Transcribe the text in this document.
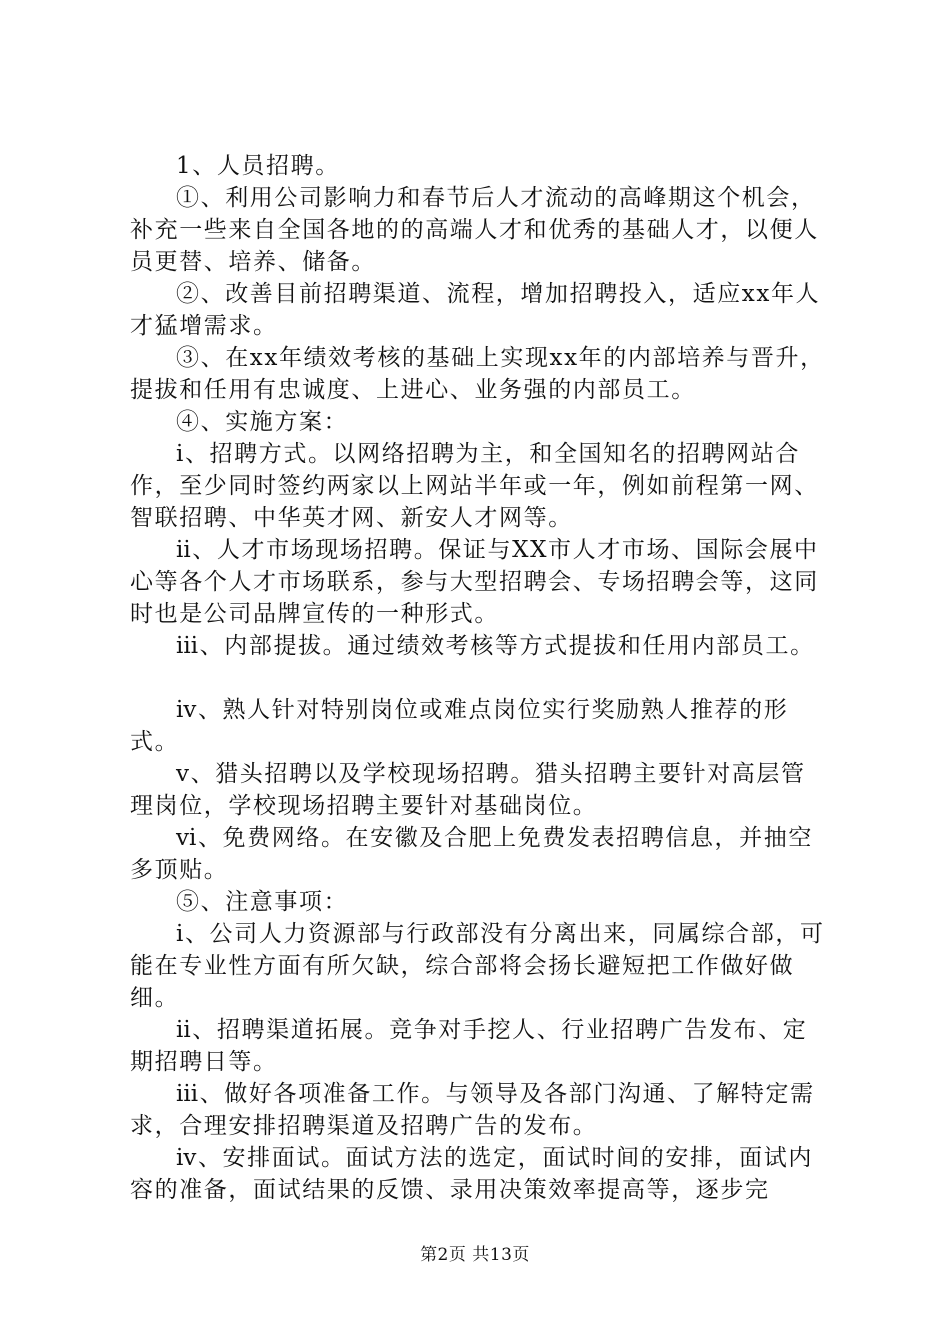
1、人员招聘。

①、利用公司影响力和春节后人才流动的高峰期这个机会，补充一些来自全国各地的的高端人才和优秀的基础人才，以便人员更替、培养、储备。

②、改善目前招聘渠道、流程，增加招聘投入，适应xx年人才猛增需求。

③、在xx年绩效考核的基础上实现xx年的内部培养与晋升，提拔和任用有忠诚度、上进心、业务强的内部员工。

④、实施方案：

ⅰ、招聘方式。以网络招聘为主，和全国知名的招聘网站合作，至少同时签约两家以上网站半年或一年，例如前程第一网、智联招聘、中华英才网、新安人才网等。

ⅱ、人才市场现场招聘。保证与XX市人才市场、国际会展中心等各个人才市场联系，参与大型招聘会、专场招聘会等，这同时也是公司品牌宣传的一种形式。

ⅲ、内部提拔。通过绩效考核等方式提拔和任用内部员工。

ⅳ、熟人针对特别岗位或难点岗位实行奖励熟人推荐的形式。

ⅴ、猎头招聘以及学校现场招聘。猎头招聘主要针对高层管理岗位，学校现场招聘主要针对基础岗位。

ⅵ、免费网络。在安徽及合肥上免费发表招聘信息，并抽空多顶贴。

⑤、注意事项：

ⅰ、公司人力资源部与行政部没有分离出来，同属综合部，可能在专业性方面有所欠缺，综合部将会扬长避短把工作做好做细。

ⅱ、招聘渠道拓展。竞争对手挖人、行业招聘广告发布、定期招聘日等。

ⅲ、做好各项准备工作。与领导及各部门沟通、了解特定需求，合理安排招聘渠道及招聘广告的发布。

ⅳ、安排面试。面试方法的选定，面试时间的安排，面试内容的准备，面试结果的反馈、录用决策效率提高等，逐步完

第2页 共13页
